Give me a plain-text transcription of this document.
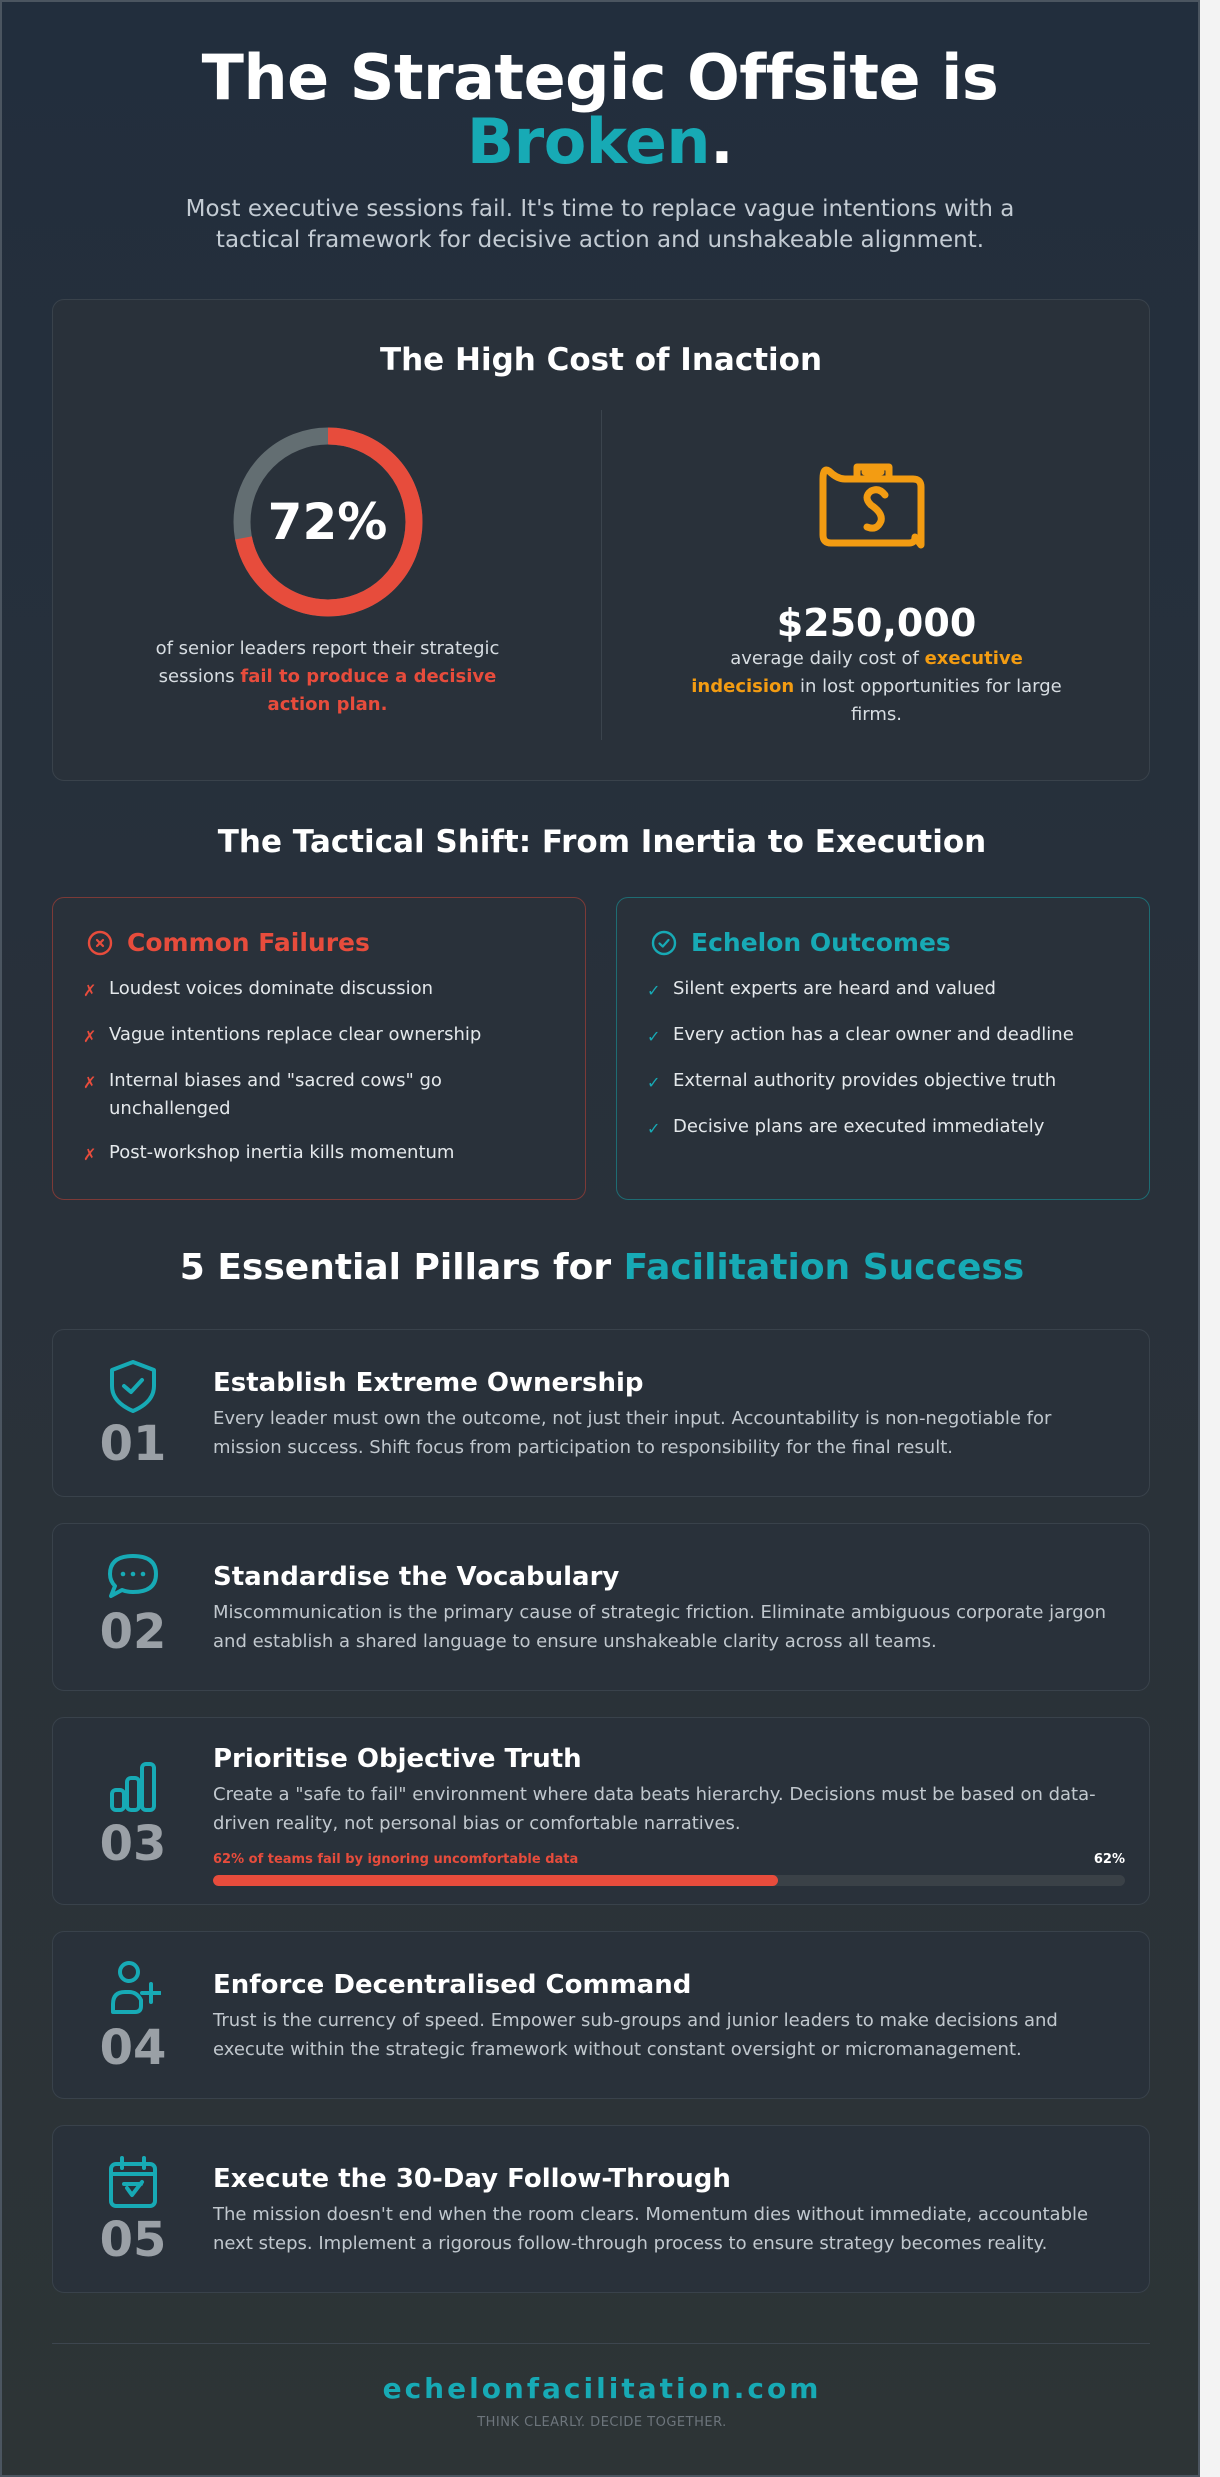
The Strategic Offsite is
Broken.

Most executive sessions fail. It's time to replace vague intentions with a tactical framework for decisive action and unshakeable alignment.

The High Cost of Inaction
72%

of senior leaders report their strategic sessions fail to produce a decisive action plan.

$250,000

average daily cost of executive indecision in lost opportunities for large firms.

The Tactical Shift: From Inertia to Execution
Common Failures
✗ Loudest voices dominate discussion
✗ Vague intentions replace clear ownership
✗ Internal biases and "sacred cows" go unchallenged
✗ Post-workshop inertia kills momentum
Echelon Outcomes
✓ Silent experts are heard and valued
✓ Every action has a clear owner and deadline
✓ External authority provides objective truth
✓ Decisive plans are executed immediately
5 Essential Pillars for Facilitation Success
01
Establish Extreme Ownership
Every leader must own the outcome, not just their input. Accountability is non-negotiable for mission success. Shift focus from participation to responsibility for the final result.
02
Standardise the Vocabulary
Miscommunication is the primary cause of strategic friction. Eliminate ambiguous corporate jargon and establish a shared language to ensure unshakeable clarity across all teams.
03
Prioritise Objective Truth
Create a "safe to fail" environment where data beats hierarchy. Decisions must be based on data-driven reality, not personal bias or comfortable narratives.
62% of teams fail by ignoring uncomfortable data	62%
04
Enforce Decentralised Command
Trust is the currency of speed. Empower sub-groups and junior leaders to make decisions and execute within the strategic framework without constant oversight or micromanagement.
05
Execute the 30-Day Follow-Through
The mission doesn't end when the room clears. Momentum dies without immediate, accountable next steps. Implement a rigorous follow-through process to ensure strategy becomes reality.
echelonfacilitation.com
THINK CLEARLY. DECIDE TOGETHER.
